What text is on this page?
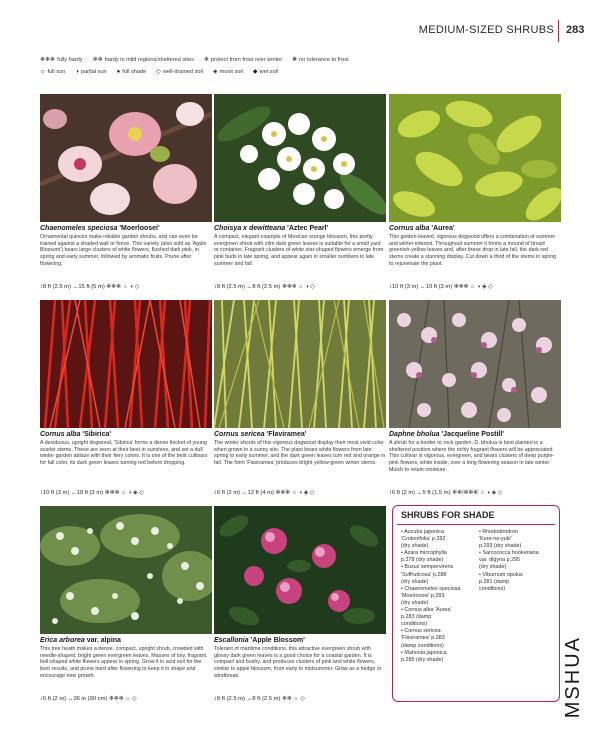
MEDIUM-SIZED SHRUBS 283
❄❄❄ fully hardy ❄❄ hardy in mild regions/sheltered sites ❄ protect from frost over winter ❅ no tolerance to frost
☼ full sun ◑ partial sun ● full shade ◇ well-drained soil ◈ moist soil ◆ wet soil
Chaenomeles speciosa 'Moerloosei'
Ornamental quinces make reliable garden shrubs, and can even be trained against a shaded wall or fence. This variety (also sold as 'Apple Blossom') bears large clusters of white flowers, flushed dark pink, in spring and early summer, followed by aromatic fruits. Prune after flowering.
↕8 ft (2.5 m) ↔15 ft (5 m) ❄❄❄ ☼ ◑ ◇
Choisya x dewitteana 'Aztec Pearl'
A compact, elegant example of Mexican orange blossom, this pretty evergreen shrub with slim dark green leaves is suitable for a small yard or container. Fragrant clusters of white star-shaped flowers emerge from pink buds in late spring, and appear again in smaller numbers in late summer and fall.
↕8 ft (2.5 m) ↔8 ft (2.5 m) ❄❄❄ ☼ ◑ ◇
Cornus alba 'Aurea'
This golden-leaved, vigorous dogwood offers a combination of summer and winter interest. Throughout summer it forms a mound of broad greenish-yellow leaves and, after these drop in late fall, the dark red stems create a stunning display. Cut down a third of the stems in spring to rejuvenate the plant.
↕10 ft (3 m) ↔10 ft (3 m) ❄❄❄ ☼ ◑ ◈ ◇
Cornus alba 'Sibirica'
A deciduous, upright dogwood, 'Sibirica' forms a dense thicket of young scarlet stems. These are seen at their best in sunshine, and set a dull winter garden ablaze with their fiery colors. It is one of the best cultivars for fall color, its dark green leaves turning red before dropping.
↕10 ft (3 m) ↔10 ft (3 m) ❄❄❄ ☼ ◑ ◈ ◇
Cornus sericea 'Flaviramea'
The winter shoots of this vigorous dogwood display their most vivid color when grown in a sunny site. The plant bears white flowers from late spring to early summer, and the dark green leaves turn red and orange in fall. The form 'Flaviramea' produces bright yellow-green winter stems.
↕6 ft (2 m) ↔12 ft (4 m) ❄❄❄ ☼ ◑ ◈ ◇
Daphne bholua 'Jacqueline Postill'
A shrub for a border or rock garden, D. bholua is best planted in a sheltered position where the richly fragrant flowers will be appreciated. This cultivar is vigorous, evergreen, and bears clusters of deep purple-pink flowers, white inside, over a long flowering season in late winter. Mulch to retain moisture.
↕6 ft (2 m) ↔5 ft (1.5 m) ❄❄/❄❄❄ ☼ ◑ ◈ ◇
Erica arborea var. alpina
This tree heath makes a dense, compact, upright shrub, crowded with needle-shaped, bright green evergreen leaves. Masses of tiny, fragrant, bell-shaped white flowers appear in spring. Grow it in acid soil for the best results, and prune hard after flowering to keep it in shape and encourage new growth.
↕6 ft (2 m) ↔36 in (90 cm) ❄❄❄ ☼ ◇
Escallonia 'Apple Blossom'
Tolerant of maritime conditions, this attractive evergreen shrub with glossy dark green leaves is a good choice for a coastal garden. It is compact and bushy, and produces clusters of pink and white flowers, similar to apple blossom, from early to midsummer. Grow as a hedge or windbreak.
↕8 ft (2.5 m) ↔8 ft (2.5 m) ❄❄ ☼ ◇
SHRUBS FOR SHADE
• Aucuba japonica
'Crotonifolia' p.282
(dry shade)
• Azara microphylla
p.278 (dry shade)
• Buxus sempervirens
'Suffruticosa' p.288
(dry shade)
• Chaenomeles speciosa
'Moerloosei' p.283
(dry shade)
• Cornus alba 'Aurea'
p.283 (damp
conditions)
• Cornus sericea
'Flaviramea' p.283
(damp conditions)
• Mahonia japonica
p.285 (dry shade)
• Rhododendron
'Kure-no-yuki'
p.293 (dry shade)
• Sarcococca hookeriana
var. digyna p.295
(dry shade)
• Viburnum opulus
p.281 (damp
conditions)
MSHUA
